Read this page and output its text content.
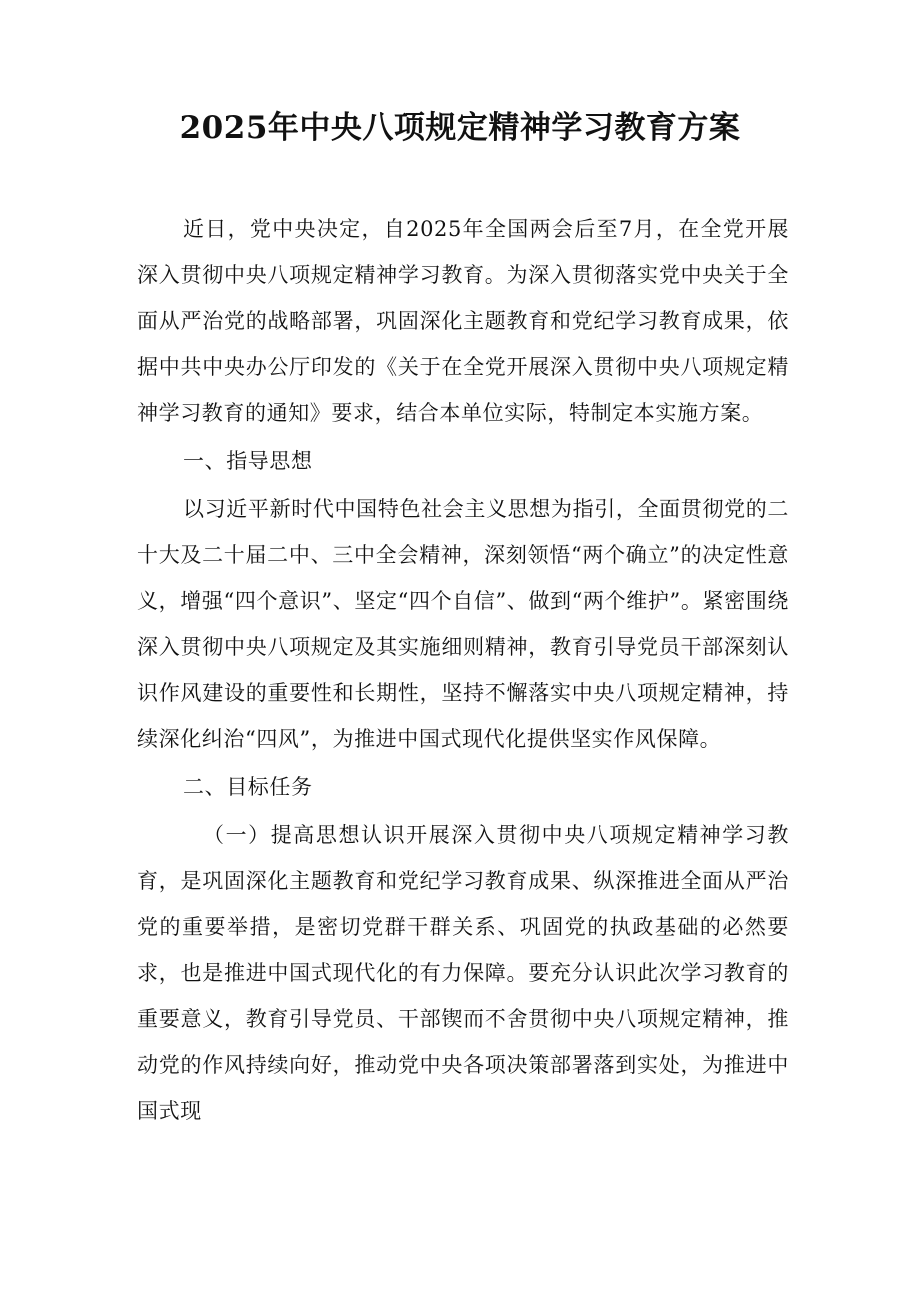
2025年中央八项规定精神学习教育方案

近日，党中央决定，自2025年全国两会后至7月，在全党开展深入贯彻中央八项规定精神学习教育。为深入贯彻落实党中央关于全面从严治党的战略部署，巩固深化主题教育和党纪学习教育成果，依据中共中央办公厅印发的《关于在全党开展深入贯彻中央八项规定精神学习教育的通知》要求，结合本单位实际，特制定本实施方案。

一、指导思想

以习近平新时代中国特色社会主义思想为指引，全面贯彻党的二十大及二十届二中、三中全会精神，深刻领悟“两个确立”的决定性意义，增强“四个意识”、坚定“四个自信”、做到“两个维护”。紧密围绕深入贯彻中央八项规定及其实施细则精神，教育引导党员干部深刻认识作风建设的重要性和长期性，坚持不懈落实中央八项规定精神，持续深化纠治“四风”，为推进中国式现代化提供坚实作风保障。

二、目标任务

（一）提高思想认识开展深入贯彻中央八项规定精神学习教育，是巩固深化主题教育和党纪学习教育成果、纵深推进全面从严治党的重要举措，是密切党群干群关系、巩固党的执政基础的必然要求，也是推进中国式现代化的有力保障。要充分认识此次学习教育的重要意义，教育引导党员、干部锲而不舍贯彻中央八项规定精神，推动党的作风持续向好，推动党中央各项决策部署落到实处，为推进中国式现
